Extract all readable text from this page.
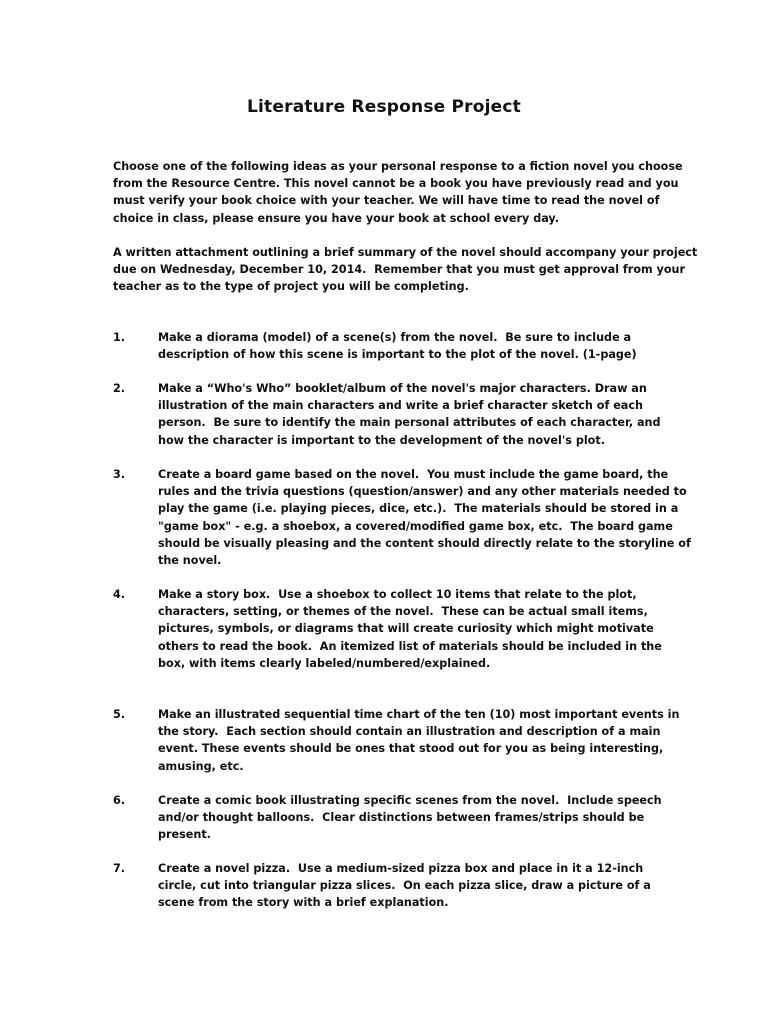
Literature Response Project
Choose one of the following ideas as your personal response to a fiction novel you choose
from the Resource Centre. This novel cannot be a book you have previously read and you
must verify your book choice with your teacher. We will have time to read the novel of
choice in class, please ensure you have your book at school every day.
A written attachment outlining a brief summary of the novel should accompany your project
due on Wednesday, December 10, 2014.  Remember that you must get approval from your
teacher as to the type of project you will be completing.
1.	Make a diorama (model) of a scene(s) from the novel.  Be sure to include a
description of how this scene is important to the plot of the novel. (1-page)
2.	Make a “Who's Who” booklet/album of the novel's major characters. Draw an
illustration of the main characters and write a brief character sketch of each
person.  Be sure to identify the main personal attributes of each character, and
how the character is important to the development of the novel's plot.
3.	Create a board game based on the novel.  You must include the game board, the
rules and the trivia questions (question/answer) and any other materials needed to
play the game (i.e. playing pieces, dice, etc.).  The materials should be stored in a
"game box" - e.g. a shoebox, a covered/modified game box, etc.  The board game
should be visually pleasing and the content should directly relate to the storyline of
the novel.
4.	Make a story box.  Use a shoebox to collect 10 items that relate to the plot,
characters, setting, or themes of the novel.  These can be actual small items,
pictures, symbols, or diagrams that will create curiosity which might motivate
others to read the book.  An itemized list of materials should be included in the
box, with items clearly labeled/numbered/explained.
5.	Make an illustrated sequential time chart of the ten (10) most important events in
the story.  Each section should contain an illustration and description of a main
event. These events should be ones that stood out for you as being interesting,
amusing, etc.
6.	Create a comic book illustrating specific scenes from the novel.  Include speech
and/or thought balloons.  Clear distinctions between frames/strips should be
present.
7.	Create a novel pizza.  Use a medium-sized pizza box and place in it a 12-inch
circle, cut into triangular pizza slices.  On each pizza slice, draw a picture of a
scene from the story with a brief explanation.
